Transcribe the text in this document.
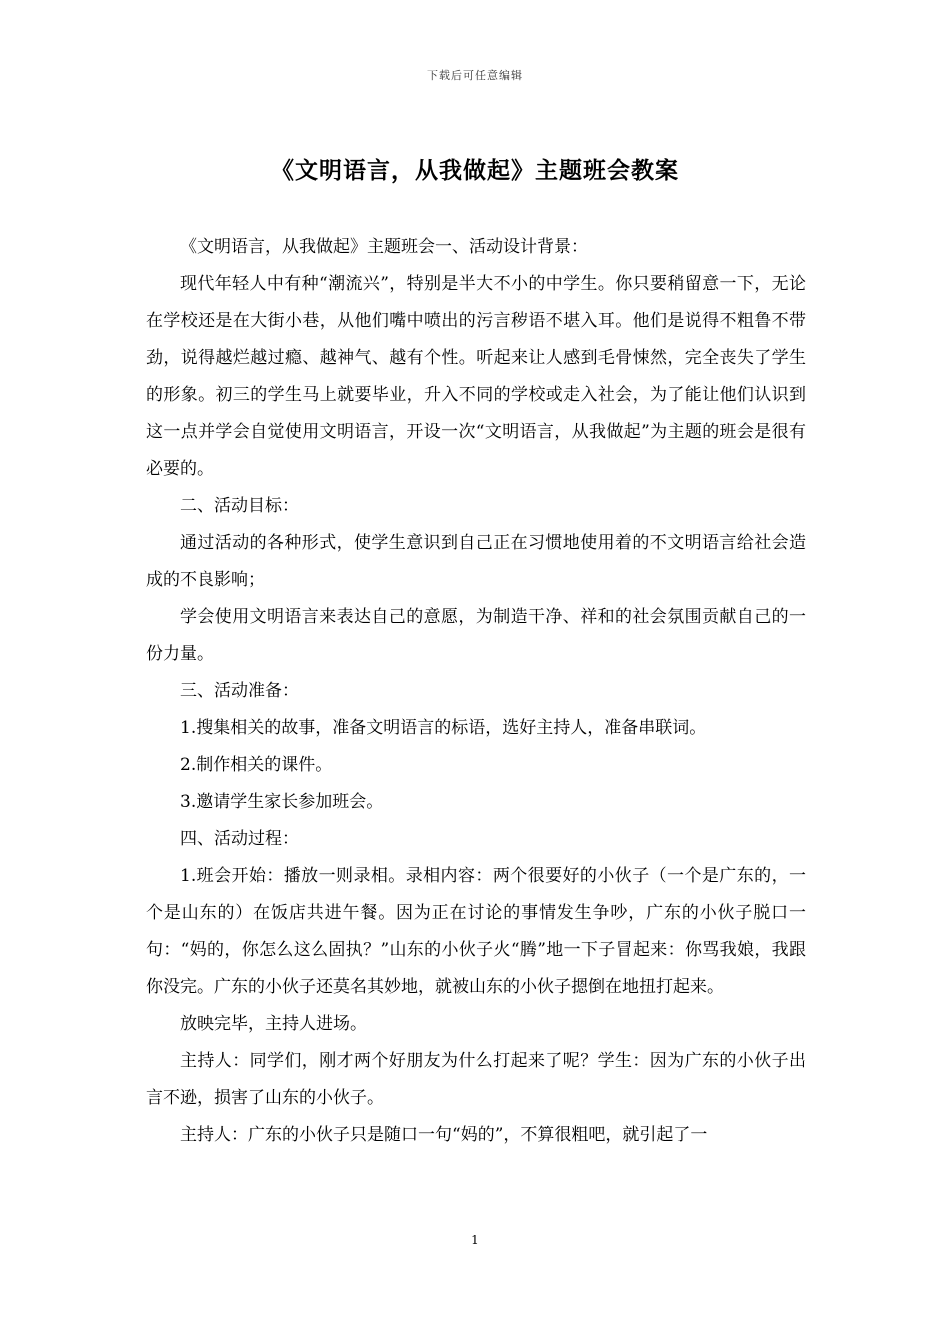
下载后可任意编辑
《文明语言，从我做起》主题班会教案

《文明语言，从我做起》主题班会一、活动设计背景：

现代年轻人中有种“潮流兴”，特别是半大不小的中学生。你只要稍留意一下，无论在学校还是在大街小巷，从他们嘴中喷出的污言秽语不堪入耳。他们是说得不粗鲁不带劲，说得越烂越过瘾、越神气、越有个性。听起来让人感到毛骨悚然，完全丧失了学生的形象。初三的学生马上就要毕业，升入不同的学校或走入社会，为了能让他们认识到这一点并学会自觉使用文明语言，开设一次“文明语言，从我做起”为主题的班会是很有必要的。

二、活动目标：

通过活动的各种形式，使学生意识到自己正在习惯地使用着的不文明语言给社会造成的不良影响；

学会使用文明语言来表达自己的意愿，为制造干净、祥和的社会氛围贡献自己的一份力量。

三、活动准备：

1.搜集相关的故事，准备文明语言的标语，选好主持人，准备串联词。

2.制作相关的课件。

3.邀请学生家长参加班会。

四、活动过程：

1.班会开始：播放一则录相。录相内容：两个很要好的小伙子（一个是广东的，一个是山东的）在饭店共进午餐。因为正在讨论的事情发生争吵，广东的小伙子脱口一句：“妈的，你怎么这么固执？”山东的小伙子火“腾”地一下子冒起来：你骂我娘，我跟你没完。广东的小伙子还莫名其妙地，就被山东的小伙子摁倒在地扭打起来。

放映完毕，主持人进场。

主持人：同学们，刚才两个好朋友为什么打起来了呢？学生：因为广东的小伙子出言不逊，损害了山东的小伙子。

主持人：广东的小伙子只是随口一句“妈的”，不算很粗吧，就引起了一

1
